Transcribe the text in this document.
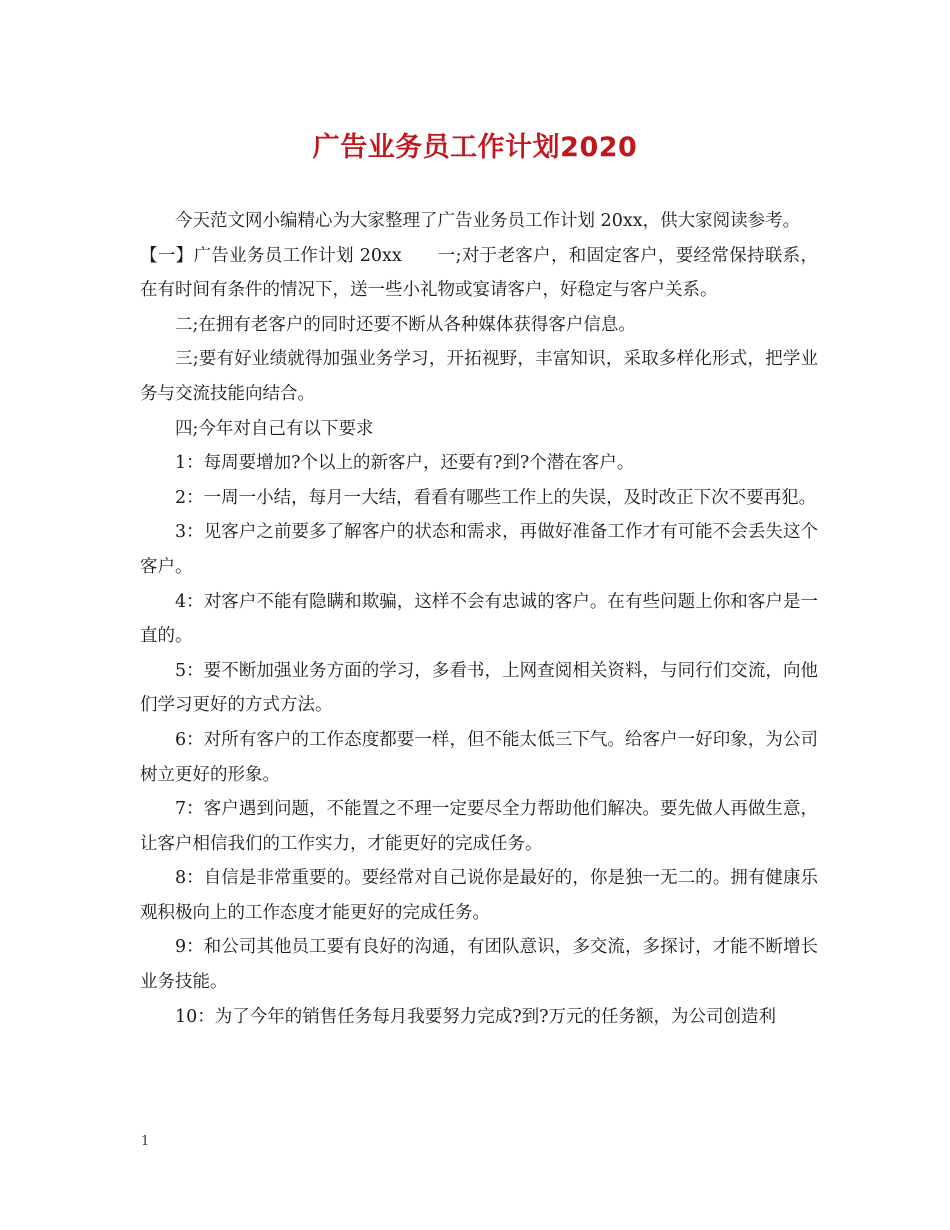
广告业务员工作计划2020

今天范文网小编精心为大家整理了广告业务员工作计划 20xx，供大家阅读参考。

【一】广告业务员工作计划 20xx　　一;对于老客户，和固定客户，要经常保持联系，在有时间有条件的情况下，送一些小礼物或宴请客户，好稳定与客户关系。

二;在拥有老客户的同时还要不断从各种媒体获得客户信息。

三;要有好业绩就得加强业务学习，开拓视野，丰富知识，采取多样化形式，把学业务与交流技能向结合。

四;今年对自己有以下要求

1：每周要增加?个以上的新客户，还要有?到?个潜在客户。

2：一周一小结，每月一大结，看看有哪些工作上的失误，及时改正下次不要再犯。

3：见客户之前要多了解客户的状态和需求，再做好准备工作才有可能不会丢失这个客户。

4：对客户不能有隐瞒和欺骗，这样不会有忠诚的客户。在有些问题上你和客户是一直的。

5：要不断加强业务方面的学习，多看书，上网查阅相关资料，与同行们交流，向他们学习更好的方式方法。

6：对所有客户的工作态度都要一样，但不能太低三下气。给客户一好印象，为公司树立更好的形象。

7：客户遇到问题，不能置之不理一定要尽全力帮助他们解决。要先做人再做生意，让客户相信我们的工作实力，才能更好的完成任务。

8：自信是非常重要的。要经常对自己说你是最好的，你是独一无二的。拥有健康乐观积极向上的工作态度才能更好的完成任务。

9：和公司其他员工要有良好的沟通，有团队意识，多交流，多探讨，才能不断增长业务技能。

10：为了今年的销售任务每月我要努力完成?到?万元的任务额，为公司创造利

1
